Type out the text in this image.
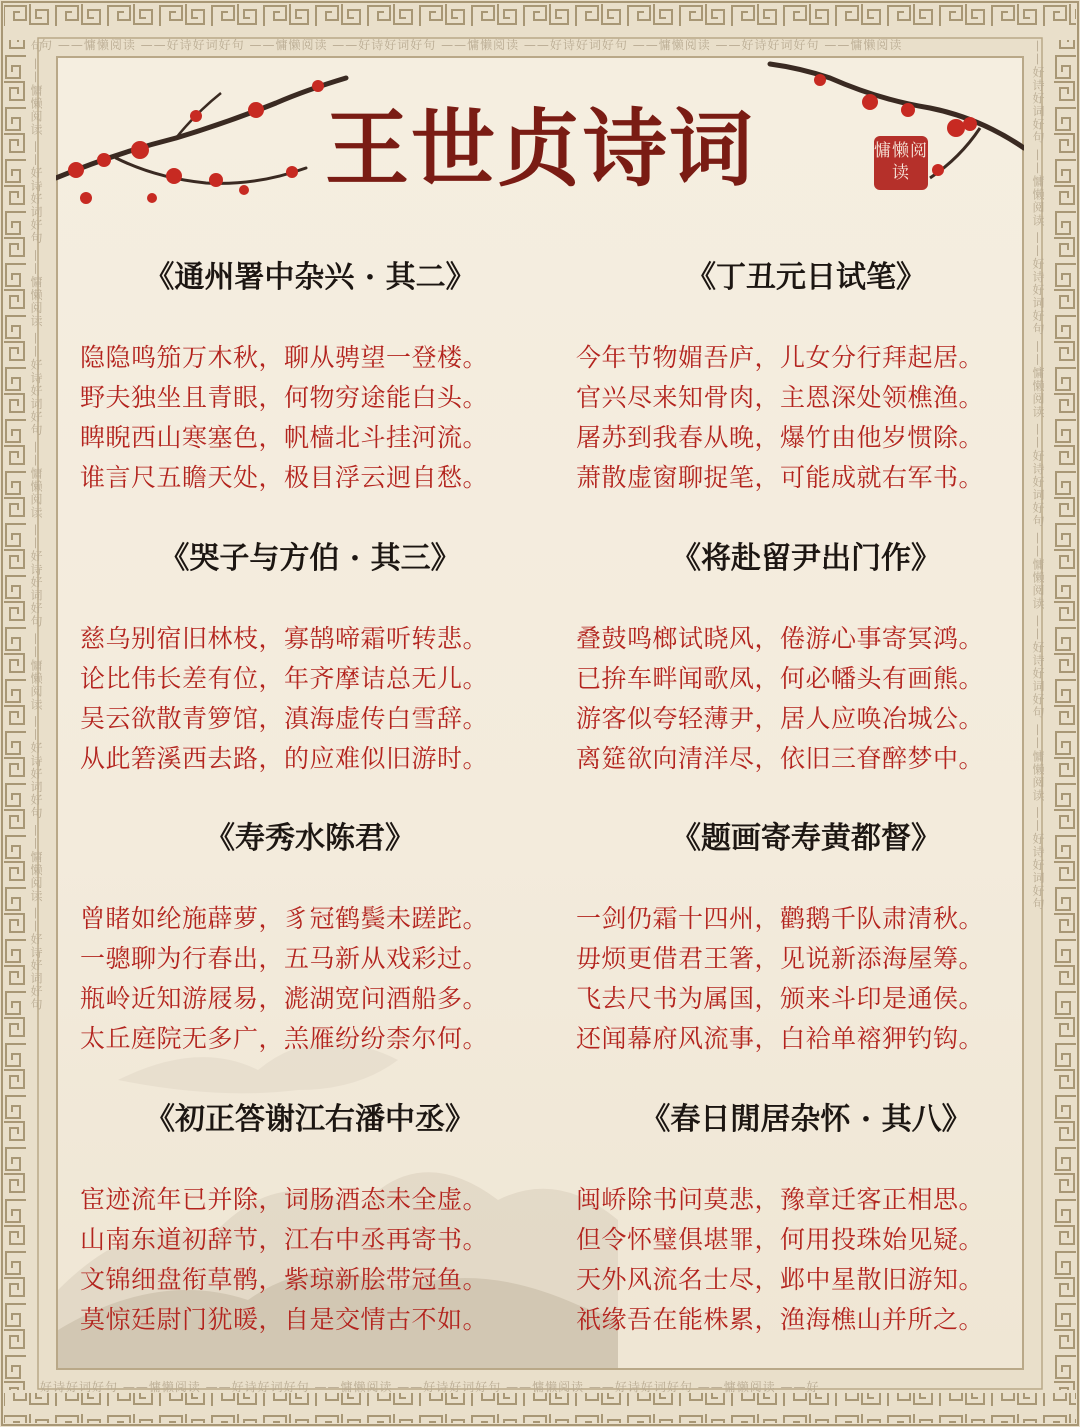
句 ——慵懒阅读 ——好诗好词好句 ——慵懒阅读 ——好诗好词好句 ——慵懒阅读 ——好诗好词好句 ——慵懒阅读 ——好诗好词好句 ——慵懒阅读
好诗好词好句 ——慵懒阅读 ——好诗好词好句 ——慵懒阅读 ——好诗好词好句 ——慵懒阅读 ——好诗好词好句 ——慵懒阅读 ——好
句 ——慵懒阅读 ——好诗好词好句 ——慵懒阅读 ——好诗好词好句 ——慵懒阅读 ——好诗好词好句 ——慵懒阅读 ——好诗好词好句 ——慵懒阅读 ——好诗好词好句	——好诗好词好句 ——慵懒阅读 ——好诗好词好句 ——慵懒阅读 ——好诗好词好句 ——慵懒阅读 ——好诗好词好句 ——慵懒阅读 ——好诗好词好句
王世贞诗词	慵懒阅读
《通州署中杂兴 · 其二》
隐隐鸣笳万木秋，聊从骋望一登楼。
野夫独坐且青眼，何物穷途能白头。
睥睨西山寒塞色，帆樯北斗挂河流。
谁言尺五瞻天处，极目浮云迥自愁。
《丁丑元日试笔》
今年节物媚吾庐，儿女分行拜起居。
官兴尽来知骨肉，主恩深处领樵渔。
屠苏到我春从晚，爆竹由他岁惯除。
萧散虚窗聊捉笔，可能成就右军书。
《哭子与方伯 · 其三》
慈乌别宿旧林枝，寡鹄啼霜听转悲。
论比伟长差有位，年齐摩诘总无儿。
吴云欲散青箩馆，滇海虚传白雪辞。
从此箬溪西去路，的应难似旧游时。
《将赴留尹出门作》
叠鼓鸣榔试晓风，倦游心事寄冥鸿。
已拚车畔闻歌凤，何必幡头有画熊。
游客似夸轻薄尹，居人应唤冶城公。
离筵欲向清洋尽，依旧三眘醉梦中。
《寿秀水陈君》
曾睹如纶施薜萝，豸冠鹤鬓未蹉跎。
一骢聊为行春出，五马新从戏彩过。
瓶岭近知游屐易，滮湖宽问酒船多。
太丘庭院无多广，羔雁纷纷柰尔何。
《题画寄寿黄都督》
一剑仍霜十四州，鹳鹅千队肃清秋。
毋烦更借君王箸，见说新添海屋筹。
飞去尺书为属国，颁来斗印是通侯。
还闻幕府风流事，白袷单褣狎钓钩。
《初正答谢江右潘中丞》
宦迹流年已并除，词肠酒态未全虚。
山南东道初辞节，江右中丞再寄书。
文锦细盘衔草鹘，紫琼新脍带冠鱼。
莫惊廷尉门犹暖，自是交情古不如。
《春日閒居杂怀 · 其八》
闽峤除书问莫悲，豫章迁客正相思。
但令怀璧俱堪罪，何用投珠始见疑。
天外风流名士尽，邺中星散旧游知。
祇缘吾在能株累，渔海樵山并所之。
